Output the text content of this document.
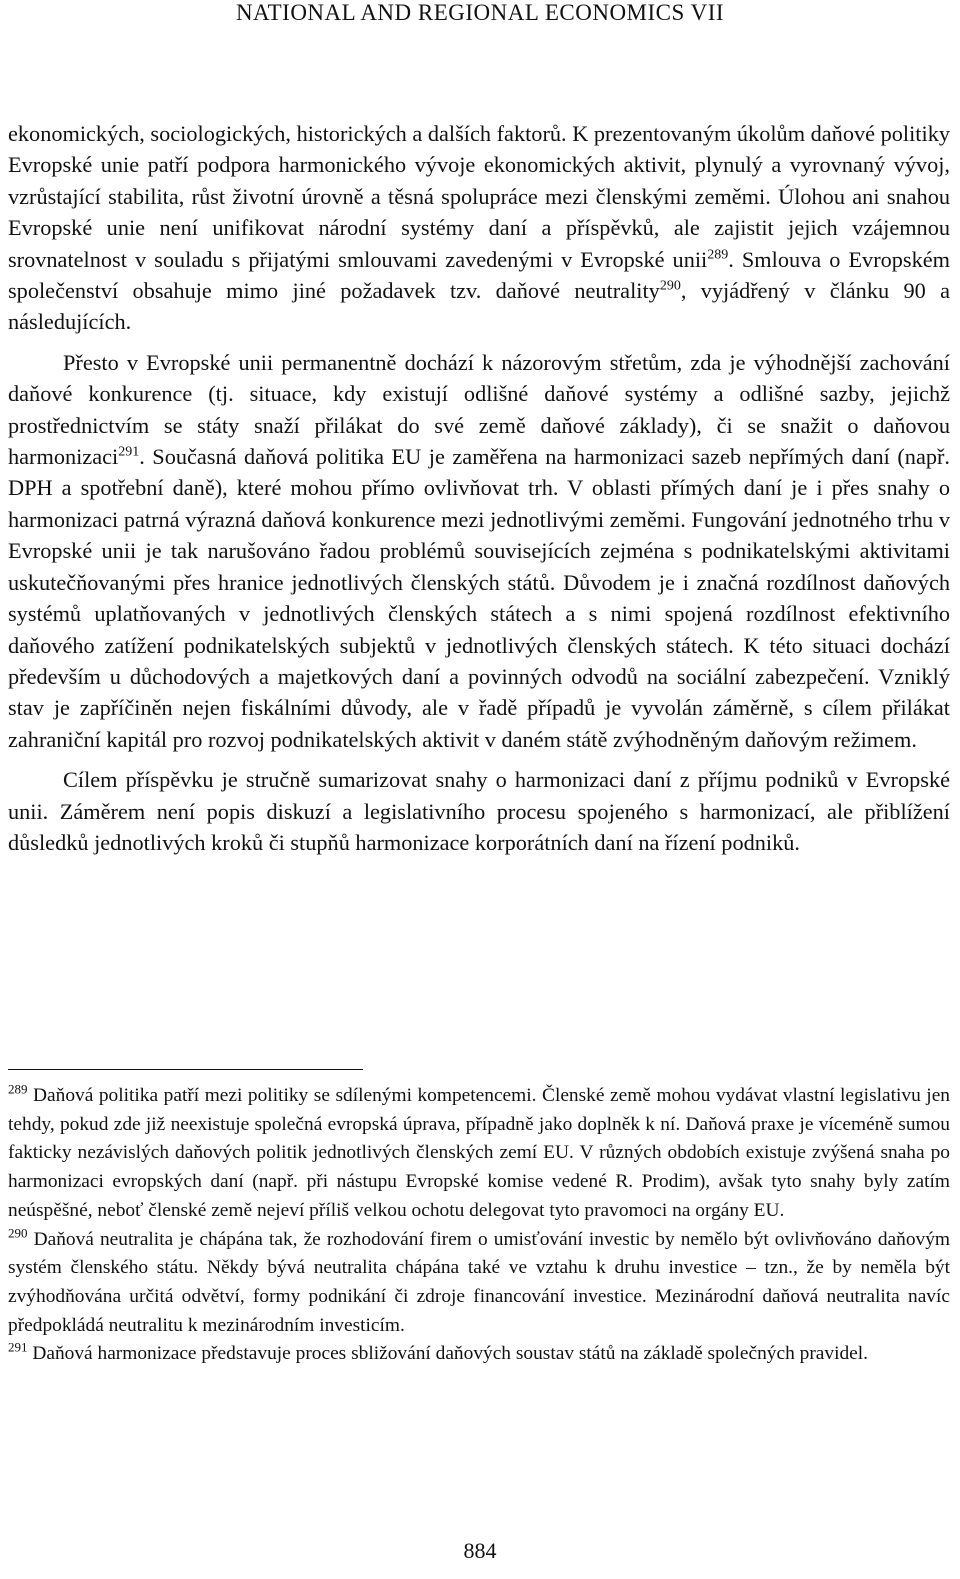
NATIONAL AND REGIONAL ECONOMICS VII

ekonomických, sociologických, historických a dalších faktorů. K prezentovaným úkolům daňové politiky Evropské unie patří podpora harmonického vývoje ekonomických aktivit, plynulý a vyrovnaný vývoj, vzrůstající stabilita, růst životní úrovně a těsná spolupráce mezi členskými zeměmi. Úlohou ani snahou Evropské unie není unifikovat národní systémy daní a příspěvků, ale zajistit jejich vzájemnou srovnatelnost v souladu s přijatými smlouvami zavedenými v Evropské unii$^{289}$. Smlouva o Evropském společenství obsahuje mimo jiné požadavek tzv. daňové neutrality$^{290}$, vyjádřený v článku 90 a následujících.

Přesto v Evropské unii permanentně dochází k názorovým střetům, zda je výhodnější zachování daňové konkurence (tj. situace, kdy existují odlišné daňové systémy a odlišné sazby, jejichž prostřednictvím se státy snaží přilákat do své země daňové základy), či se snažit o daňovou harmonizaci$^{291}$. Současná daňová politika EU je zaměřena na harmonizaci sazeb nepřímých daní (např. DPH a spotřební daně), které mohou přímo ovlivňovat trh. V oblasti přímých daní je i přes snahy o harmonizaci patrná výrazná daňová konkurence mezi jednotlivými zeměmi. Fungování jednotného trhu v Evropské unii je tak narušováno řadou problémů souvisejících zejména s podnikatelskými aktivitami uskutečňovanými přes hranice jednotlivých členských států. Důvodem je i značná rozdílnost daňových systémů uplatňovaných v jednotlivých členských státech a s nimi spojená rozdílnost efektivního daňového zatížení podnikatelských subjektů v jednotlivých členských státech. K této situaci dochází především u důchodových a majetkových daní a povinných odvodů na sociální zabezpečení. Vzniklý stav je zapříčiněn nejen fiskálními důvody, ale v řadě případů je vyvolán záměrně, s cílem přilákat zahraniční kapitál pro rozvoj podnikatelských aktivit v daném státě zvýhodněným daňovým režimem.

Cílem příspěvku je stručně sumarizovat snahy o harmonizaci daní z příjmu podniků v Evropské unii. Záměrem není popis diskuzí a legislativního procesu spojeného s harmonizací, ale přiblížení důsledků jednotlivých kroků či stupňů harmonizace korporátních daní na řízení podniků.

$^{289}$ Daňová politika patří mezi politiky se sdílenými kompetencemi. Členské země mohou vydávat vlastní legislativu jen tehdy, pokud zde již neexistuje společná evropská úprava, případně jako doplněk k ní. Daňová praxe je víceméně sumou fakticky nezávislých daňových politik jednotlivých členských zemí EU. V různých obdobích existuje zvýšená snaha po harmonizaci evropských daní (např. při nástupu Evropské komise vedené R. Prodim), avšak tyto snahy byly zatím neúspěšné, neboť členské země nejeví příliš velkou ochotu delegovat tyto pravomoci na orgány EU.

$^{290}$ Daňová neutralita je chápána tak, že rozhodování firem o umisťování investic by nemělo být ovlivňováno daňovým systém členského státu. Někdy bývá neutralita chápána také ve vztahu k druhu investice – tzn., že by neměla být zvýhodňována určitá odvětví, formy podnikání či zdroje financování investice. Mezinárodní daňová neutralita navíc předpokládá neutralitu k mezinárodním investicím.

$^{291}$ Daňová harmonizace představuje proces sbližování daňových soustav států na základě společných pravidel.

884
